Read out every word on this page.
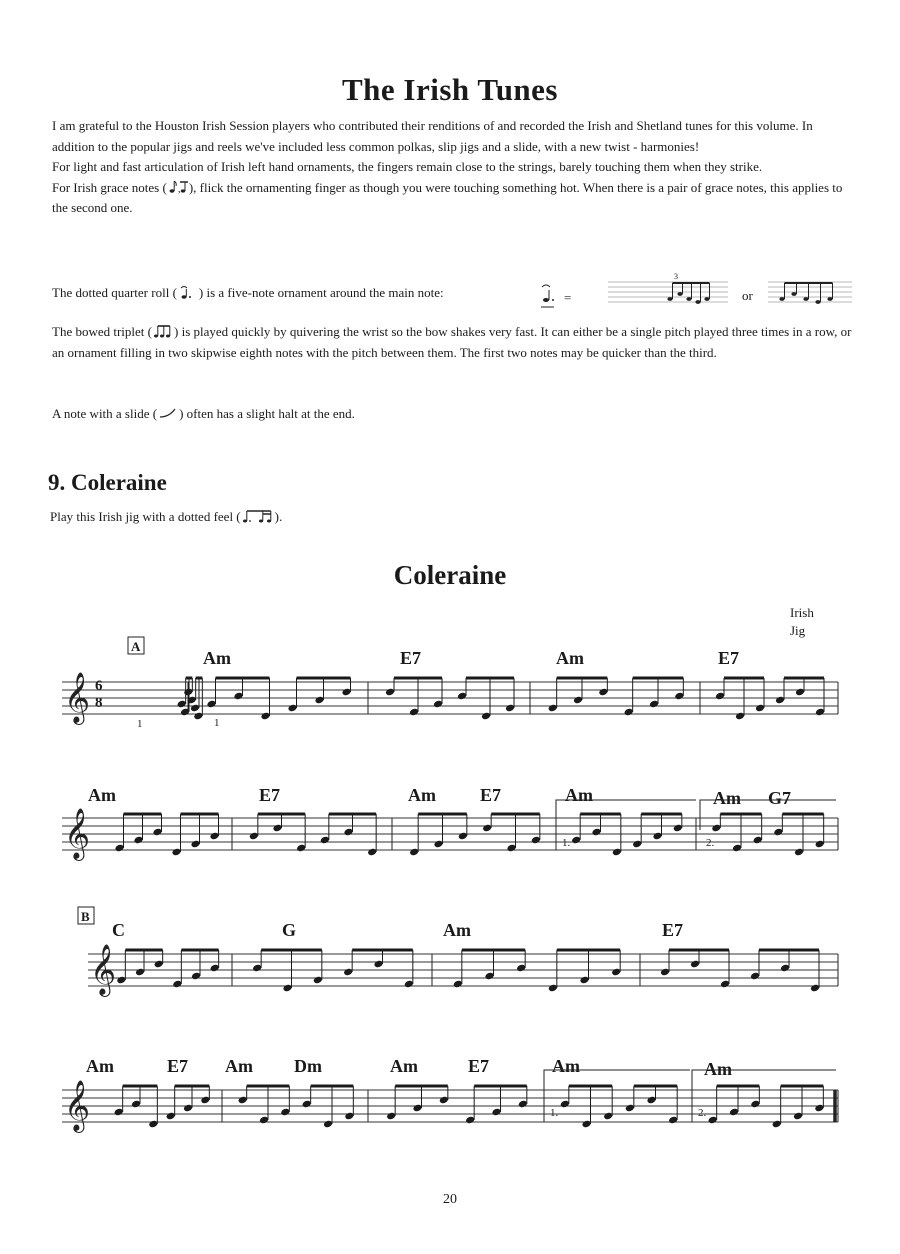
The Irish Tunes

I am grateful to the Houston Irish Session players who contributed their renditions of and recorded the Irish and Shetland tunes for this volume. In addition to the popular jigs and reels we've included less common polkas, slip jigs and a slide, with a new twist - harmonies!

For light and fast articulation of Irish left hand ornaments, the fingers remain close to the strings, barely touching them when they strike.

For Irish grace notes ( , ), flick the ornamenting finger as though you were touching something hot. When there is a pair of grace notes, this applies to the second one.

The dotted quarter roll ( ) is a five-note ornament around the main note:	=
3
or

The bowed triplet ( ) is played quickly by quivering the wrist so the bow shakes very fast. It can either be a single pitch played three times in a row, or an ornament filling in two skipwise eighth notes with the pitch between them. The first two notes may be quicker than the third.

A note with a slide ( ) often has a slight halt at the end.

9. Coleraine

Play this Irish jig with a dotted feel (	).

Coleraine
Irish
Jig
A
B
Am	E7	Am	E7
Am	E7	Am E7	Am	Am G7
C	G	Am	E7
Am	E7 Am Dm	Am	E7	Am	Am
6
8
1	1
1.	2.
1.	2.
𝄞
𝄞
𝄞
𝄞
20
